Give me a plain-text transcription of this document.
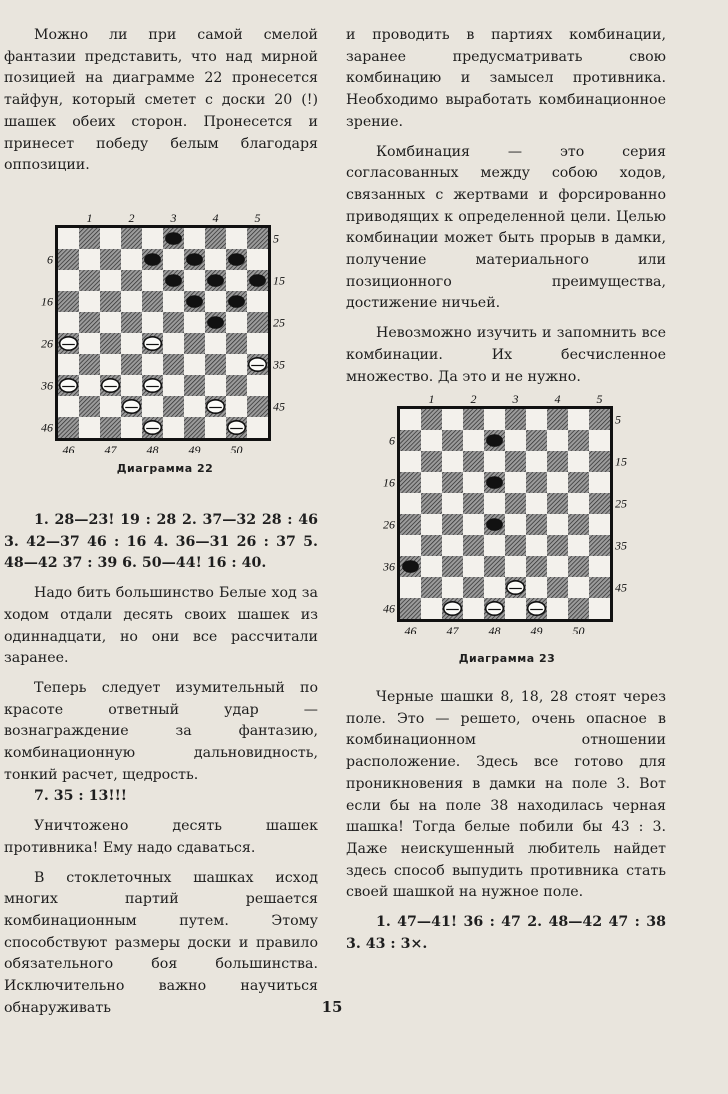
Можно ли при самой смелой фантазии представить, что над мирной позицией на диаграмме 22 пронесется тайфун, который сметет с доски 20 (!) шашек обеих сторон. Пронесется и принесет победу белым благодаря оппозиции.

1	2	3	4	5
6
16
26
36
46
5
15
25
35
45
46	47	48	49	50
Диаграмма 22

1. 28—23! 19 : 28 2. 37—32 28 : 46 3. 42—37 46 : 16 4. 36—31 26 : 37 5. 48—42 37 : 39 6. 50—44! 16 : 40.

Надо бить большинство Белые ход за ходом отдали десять своих шашек из одиннадцати, но они все рассчитали заранее.

Теперь следует изумительный по красоте ответный удар — вознаграждение за фантазию, комбинационную дальновидность, тонкий расчет, щедрость.

7. 35 : 13!!!

Уничтожено десять шашек противника! Ему надо сдаваться.

В стоклеточных шашках исход многих партий решается комбинационным путем. Этому способствуют размеры доски и правило обязательного боя большинства. Исключительно важно научиться обнаруживать

и проводить в партиях комбинации, заранее предусматривать свою комбинацию и замысел противника. Необходимо выработать комбинационное зрение.

Комбинация — это серия согласованных между собою ходов, связанных с жертвами и форсированно приводящих к определенной цели. Целью комбинации может быть прорыв в дамки, получение материального или позиционного преимущества, достижение ничьей.

Невозможно изучить и запомнить все комбинации. Их бесчисленное множество. Да это и не нужно.

1	2	3	4	5
6
16
26
36
46
5
15
25
35
45
46	47	48	49	50
Диаграмма 23

Черные шашки 8, 18, 28 стоят через поле. Это — решето, очень опасное в комбинационном отношении расположение. Здесь все готово для проникновения в дамки на поле 3. Вот если бы на поле 38 находилась черная шашка! Тогда белые побили бы 43 : 3. Даже неискушенный любитель найдет здесь способ выпудить противника стать своей шашкой на нужное поле.

1. 47—41! 36 : 47 2. 48—42 47 : 38 3. 43 : 3×.

15
